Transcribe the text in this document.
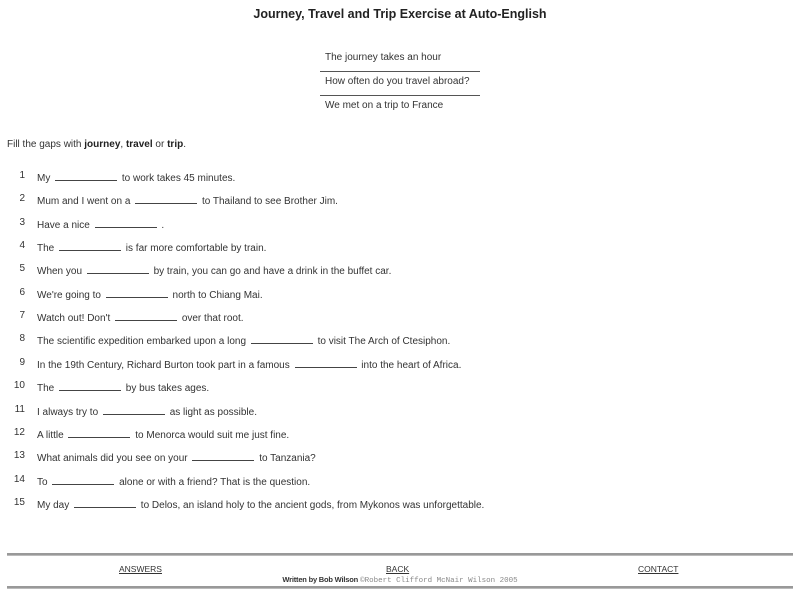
Journey, Travel and Trip Exercise at Auto-English
The journey takes an hour
How often do you travel abroad?
We met on a trip to France
Fill the gaps with journey, travel or trip.
1 My	to work takes 45 minutes.
2 Mum and I went on a	to Thailand to see Brother Jim.
3 Have a nice	.
4 The	is far more comfortable by train.
5 When you	by train, you can go and have a drink in the buffet car.
6 We're going to	north to Chiang Mai.
7 Watch out! Don't	over that root.
8 The scientific expedition embarked upon a long	to visit The Arch of Ctesiphon.
9 In the 19th Century, Richard Burton took part in a famous	into the heart of Africa.
10 The	by bus takes ages.
11 I always try to	as light as possible.
12 A little	to Menorca would suit me just fine.
13 What animals did you see on your	to Tanzania?
14 To	alone or with a friend? That is the question.
15 My day	to Delos, an island holy to the ancient gods, from Mykonos was unforgettable.
ANSWERS	BACK	CONTACT
Written by Bob Wilson ©Robert Clifford McNair Wilson 2005
